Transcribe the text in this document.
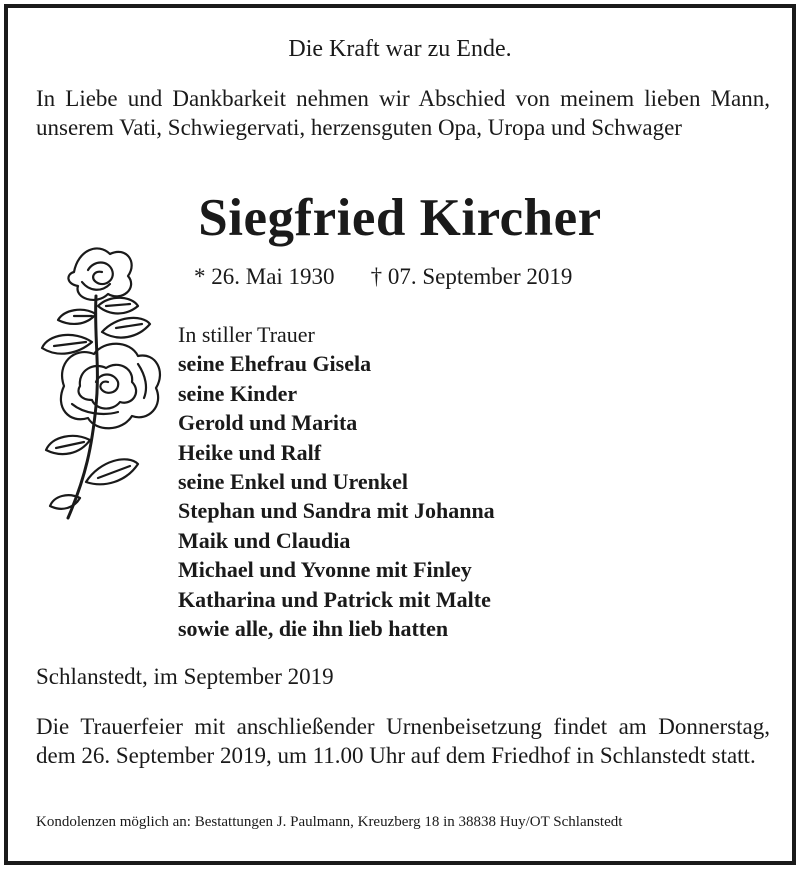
Die Kraft war zu Ende.
In Liebe und Dankbarkeit nehmen wir Abschied von meinem lieben Mann, unserem Vati, Schwiegervati, herzensguten Opa, Uropa und Schwager
Siegfried Kircher
* 26. Mai 1930 † 07. September 2019
In stiller Trauer
seine Ehefrau Gisela
seine Kinder
Gerold und Marita
Heike und Ralf
seine Enkel und Urenkel
Stephan und Sandra mit Johanna
Maik und Claudia
Michael und Yvonne mit Finley
Katharina und Patrick mit Malte
sowie alle, die ihn lieb hatten
Schlanstedt, im September 2019
Die Trauerfeier mit anschließender Urnenbeisetzung findet am Donnerstag, dem 26. September 2019, um 11.00 Uhr auf dem Friedhof in Schlanstedt statt.
Kondolenzen möglich an: Bestattungen J. Paulmann, Kreuzberg 18 in 38838 Huy/OT Schlanstedt
